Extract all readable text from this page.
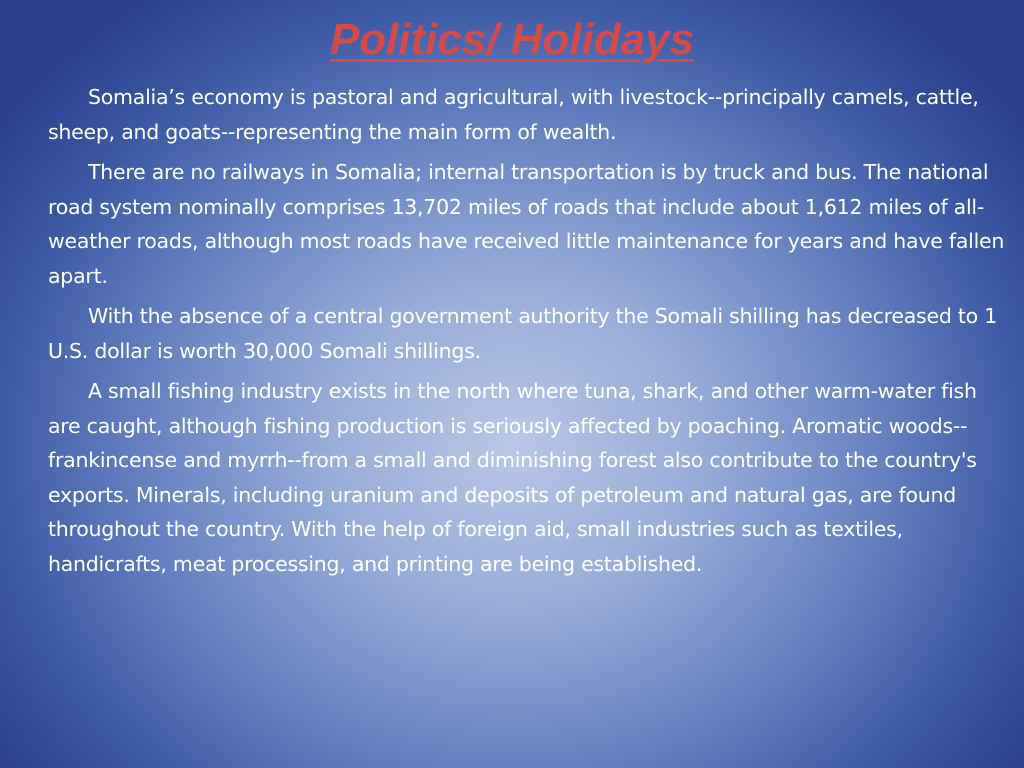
Politics/ Holidays

Somalia’s economy is pastoral and agricultural, with livestock--principally camels, cattle, sheep, and goats--representing the main form of wealth.

There are no railways in Somalia; internal transportation is by truck and bus. The national road system nominally comprises 13,702 miles of roads that include about 1,612 miles of all-weather roads, although most roads have received little maintenance for years and have fallen apart.

With the absence of a central government authority the Somali shilling has decreased to 1 U.S. dollar is worth 30,000 Somali shillings.

A small fishing industry exists in the north where tuna, shark, and other warm-water fish are caught, although fishing production is seriously affected by poaching. Aromatic woods--frankincense and myrrh--from a small and diminishing forest also contribute to the country's exports. Minerals, including uranium and deposits of petroleum and natural gas, are found throughout the country. With the help of foreign aid, small industries such as textiles, handicrafts, meat processing, and printing are being established.
